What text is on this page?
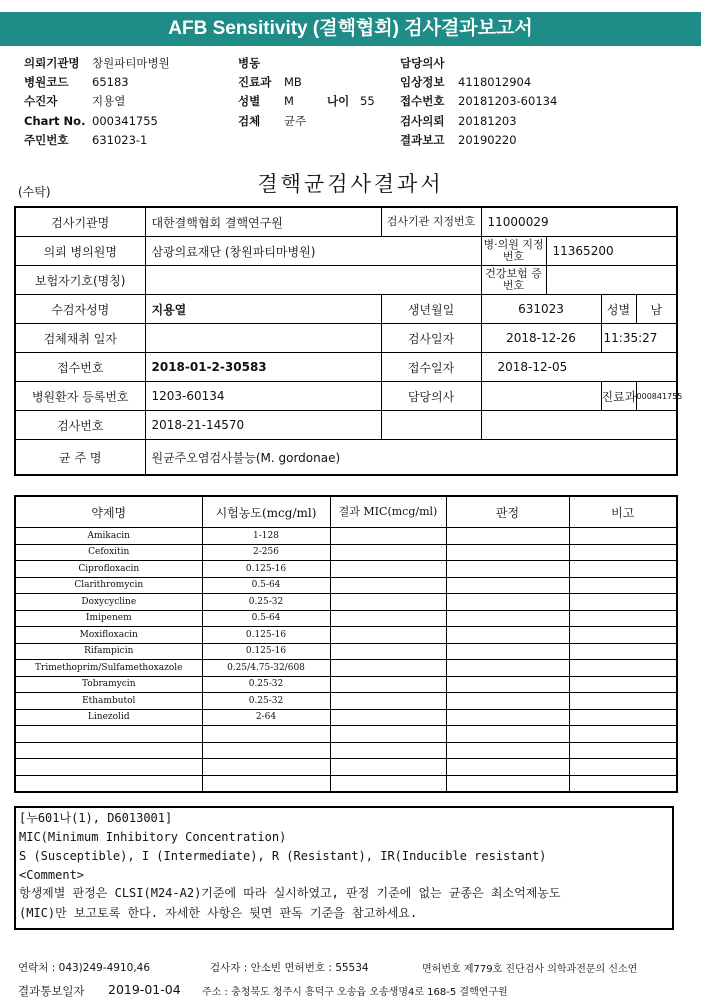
AFB Sensitivity (결핵협회) 검사결과보고서
의뢰기관명 창원파티마병원
병원코드 65183
수진자	지용열
Chart No. 000341755
주민번호 631023-1
병동
진료과 MB
성별 M	나이 55
검체 균주
담당의사
임상정보 4118012904
접수번호 20181203-60134
검사의뢰 20181203
결과보고 20190220
결핵균검사결과서
(수탁)
검사기관명	대한결핵협회 결핵연구원	검사기관 지정번호	11000029			
의뢰 병의원명	삼광의료재단 (창원파티마병원)		병·의원 지정번호	11365200		
보험자기호(명칭)			건강보험 증 번호			
수검자성명	지용열	생년월일	631023		성별	남
검체채취 일자		검사일자	2018-12-26		11:35:27	
접수번호	2018-01-2-30583	접수일자	2018-12-05			
병원환자 등록번호	1203-60134	담당의사			진료과	000841755
검사번호	2018-21-14570					
균 주 명	원균주오염검사불능(M. gordonae)					
약제명	시험농도(mcg/ml)	결과 MIC(mcg/ml)	판정	비고
Amikacin	1-128			
Cefoxitin	2-256			
Ciprofloxacin	0.125-16			
Clarithromycin	0.5-64			
Doxycycline	0.25-32			
Imipenem	0.5-64			
Moxifloxacin	0.125-16			
Rifampicin	0.125-16			
Trimethoprim/Sulfamethoxazole	0.25/4.75-32/608			
Tobramycin	0.25-32			
Ethambutol	0.25-32			
Linezolid	2-64			

[누601나(1), D6013001]
MIC(Minimum Inhibitory Concentration)
S (Susceptible), I (Intermediate), R (Resistant), IR(Inducible resistant)
<Comment>
항생제별 판정은 CLSI(M24-A2)기준에 따라 실시하였고, 판정 기준에 없는 균종은 최소억제농도
(MIC)만 보고토록 한다. 자세한 사항은 뒷면 판독 기준을 참고하세요.
연락처 : 043)249-4910,46	검사자 : 안소빈 면허번호 : 55534	면허번호 제779호 진단검사 의학과전문의 신소연
결과통보일자 2019-01-04 주소 : 충청북도 청주시 흥덕구 오송읍 오송생명4로 168-5 결핵연구원
